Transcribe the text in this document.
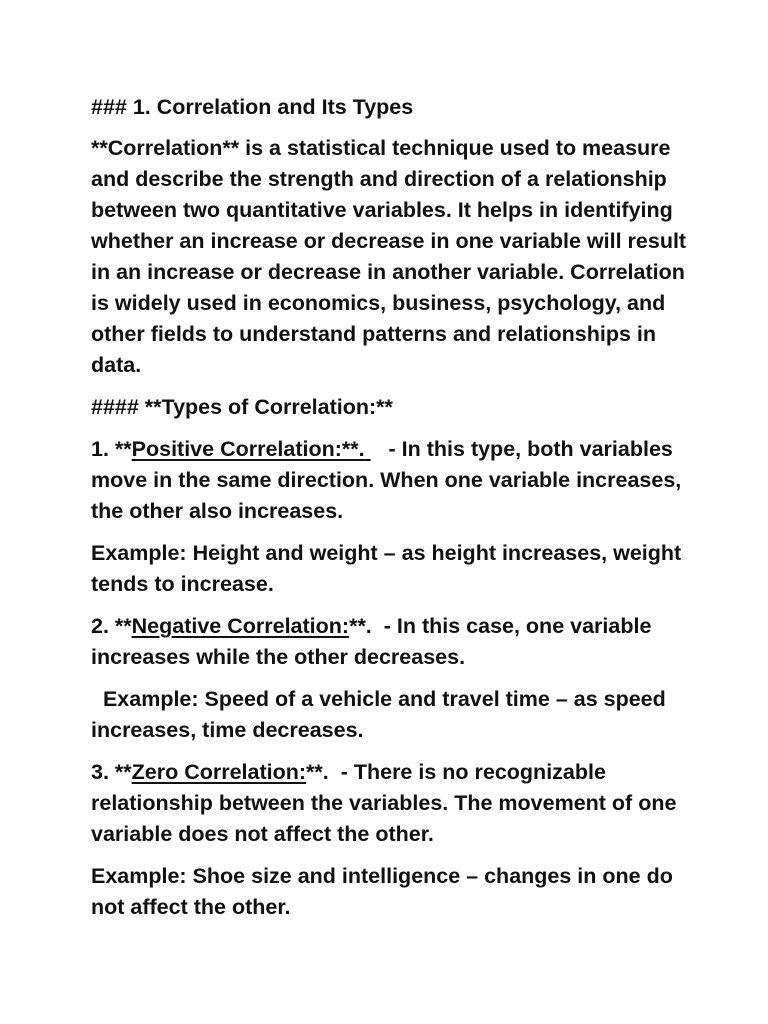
### 1. Correlation and Its Types

**Correlation** is a statistical technique used to measure and describe the strength and direction of a relationship between two quantitative variables. It helps in identifying whether an increase or decrease in one variable will result in an increase or decrease in another variable. Correlation is widely used in economics, business, psychology, and other fields to understand patterns and relationships in data.

#### **Types of Correlation:**

1. **Positive Correlation:**.    - In this type, both variables move in the same direction. When one variable increases, the other also increases.

Example: Height and weight – as height increases, weight tends to increase.

2. **Negative Correlation:**.  - In this case, one variable increases while the other decreases.

Example: Speed of a vehicle and travel time – as speed increases, time decreases.

3. **Zero Correlation:**.  - There is no recognizable relationship between the variables. The movement of one variable does not affect the other.

Example: Shoe size and intelligence – changes in one do not affect the other.
